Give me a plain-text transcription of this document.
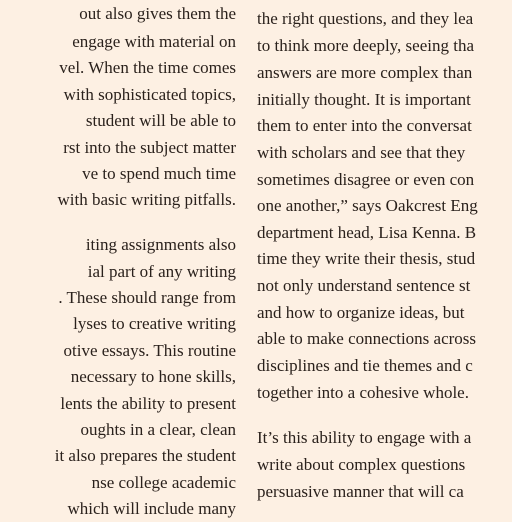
out also gives them the
engage with material on
vel. When the time comes
with sophisticated topics,
student will be able to
rst into the subject matter
ve to spend much time
with basic writing pitfalls.
iting assignments also
ial part of any writing
. These should range from
lyses to creative writing
otive essays. This routine
necessary to hone skills,
lents the ability to present
oughts in a clear, clean
it also prepares the student
nse college academic
which will include many
the right questions, and they lea
to think more deeply, seeing tha
answers are more complex than
initially thought. It is important
them to enter into the conversat
with scholars and see that they
sometimes disagree or even con
one another,” says Oakcrest Eng
department head, Lisa Kenna. B
time they write their thesis, stud
not only understand sentence st
and how to organize ideas, but
able to make connections across
disciplines and tie themes and c
together into a cohesive whole.
It’s this ability to engage with a
write about complex questions
persuasive manner that will ca
